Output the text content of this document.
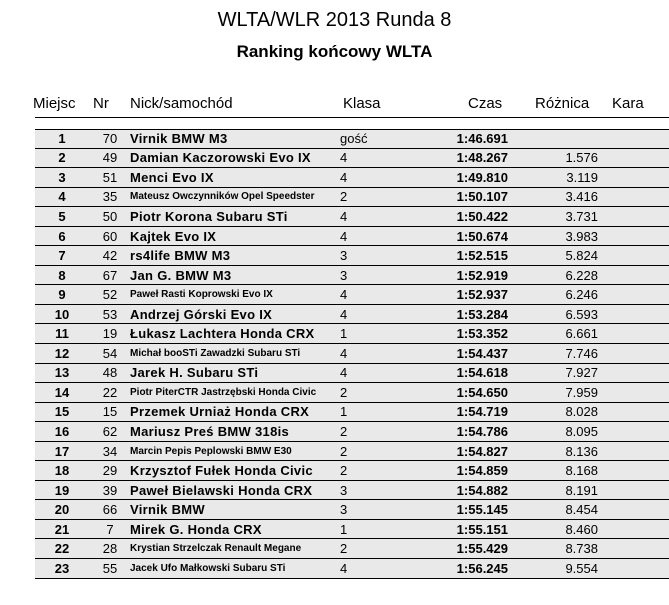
WLTA/WLR 2013 Runda 8
Ranking końcowy WLTA
Miejsc Nr Nick/samochód	Klasa	Czas Różnica Kara
1	70 Virnik BMW M3	gość	1:46.691
2	49 Damian Kaczorowski Evo IX	4	1:48.267	1.576
3	51 Menci Evo IX	4	1:49.810	3.119
4	35	Mateusz Owczynników Opel Speedster	2	1:50.107	3.416
5	50 Piotr Korona Subaru STi	4	1:50.422	3.731
6	60 Kajtek Evo IX	4	1:50.674	3.983
7	42 rs4life BMW M3	3	1:52.515	5.824
8	67 Jan G. BMW M3	3	1:52.919	6.228
9	52	Paweł Rasti Koprowski Evo IX	4	1:52.937	6.246
10	53 Andrzej Górski Evo IX	4	1:53.284	6.593
11	19 Łukasz Lachtera Honda CRX	1	1:53.352	6.661
12	54	Michał booSTi Zawadzki Subaru STi	4	1:54.437	7.746
13	48 Jarek H. Subaru STi	4	1:54.618	7.927
14	22	Piotr PiterCTR Jastrzębski Honda Civic	2	1:54.650	7.959
15	15 Przemek Urniaż Honda CRX	1	1:54.719	8.028
16	62 Mariusz Preś BMW 318is	2	1:54.786	8.095
17	34	Marcin Pepis Peplowski BMW E30	2	1:54.827	8.136
18	29 Krzysztof Fułek Honda Civic	2	1:54.859	8.168
19	39 Paweł Bielawski Honda CRX	3	1:54.882	8.191
20	66 Virnik BMW	3	1:55.145	8.454
21	7	Mirek G. Honda CRX	1	1:55.151	8.460
22	28	Krystian Strzelczak Renault Megane	2	1:55.429	8.738
23	55	Jacek Ufo Małkowski Subaru STi	4	1:56.245	9.554
